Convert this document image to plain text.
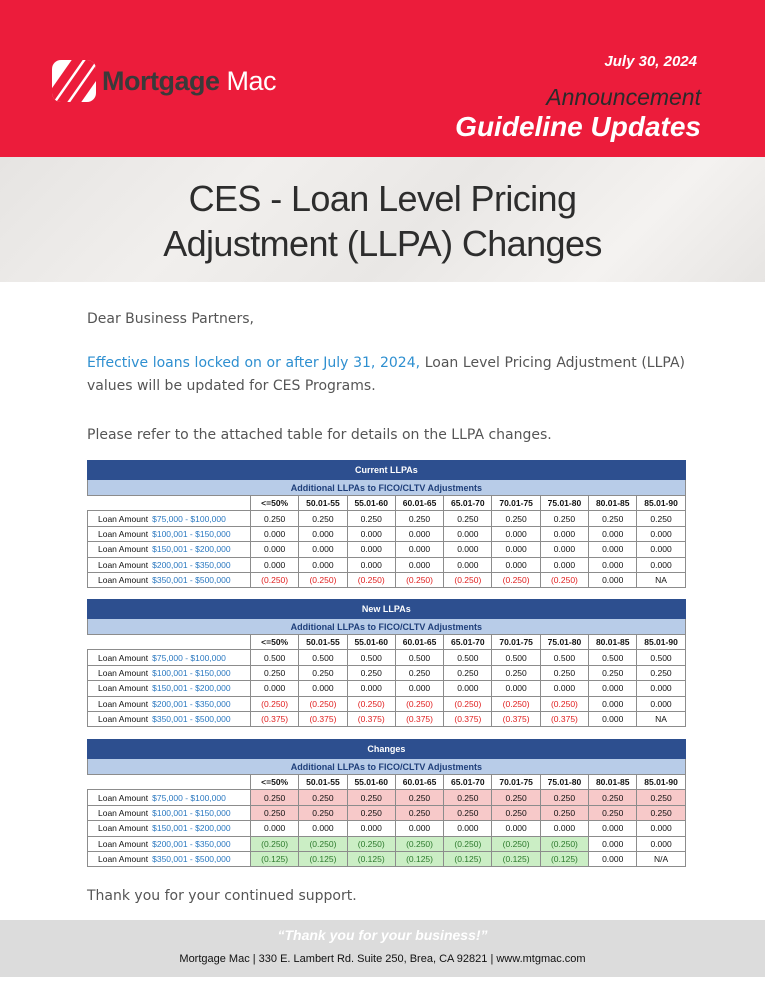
Mortgage Mac
July 30, 2024
Announcement
Guideline Updates
CES - Loan Level Pricing
Adjustment (LLPA) Changes
Dear Business Partners,
Effective loans locked on or after July 31, 2024, Loan Level Pricing Adjustment (LLPA) values will be updated for CES Programs.
Please refer to the attached table for details on the LLPA changes.
Current LLPAs									
Additional LLPAs to FICO/CLTV Adjustments									
	<=50%	50.01-55	55.01-60	60.01-65	65.01-70	70.01-75	75.01-80	80.01-85	85.01-90
Loan Amount $75,000 - $100,000	0.250	0.250	0.250	0.250	0.250	0.250	0.250	0.250	0.250
Loan Amount $100,001 - $150,000	0.000	0.000	0.000	0.000	0.000	0.000	0.000	0.000	0.000
Loan Amount $150,001 - $200,000	0.000	0.000	0.000	0.000	0.000	0.000	0.000	0.000	0.000
Loan Amount $200,001 - $350,000	0.000	0.000	0.000	0.000	0.000	0.000	0.000	0.000	0.000
Loan Amount $350,001 - $500,000	(0.250)	(0.250)	(0.250)	(0.250)	(0.250)	(0.250)	(0.250)	0.000	NA
New LLPAs									
Additional LLPAs to FICO/CLTV Adjustments									
	<=50%	50.01-55	55.01-60	60.01-65	65.01-70	70.01-75	75.01-80	80.01-85	85.01-90
Loan Amount $75,000 - $100,000	0.500	0.500	0.500	0.500	0.500	0.500	0.500	0.500	0.500
Loan Amount $100,001 - $150,000	0.250	0.250	0.250	0.250	0.250	0.250	0.250	0.250	0.250
Loan Amount $150,001 - $200,000	0.000	0.000	0.000	0.000	0.000	0.000	0.000	0.000	0.000
Loan Amount $200,001 - $350,000	(0.250)	(0.250)	(0.250)	(0.250)	(0.250)	(0.250)	(0.250)	0.000	0.000
Loan Amount $350,001 - $500,000	(0.375)	(0.375)	(0.375)	(0.375)	(0.375)	(0.375)	(0.375)	0.000	NA
Changes									
Additional LLPAs to FICO/CLTV Adjustments									
	<=50%	50.01-55	55.01-60	60.01-65	65.01-70	70.01-75	75.01-80	80.01-85	85.01-90
Loan Amount $75,000 - $100,000	0.250	0.250	0.250	0.250	0.250	0.250	0.250	0.250	0.250
Loan Amount $100,001 - $150,000	0.250	0.250	0.250	0.250	0.250	0.250	0.250	0.250	0.250
Loan Amount $150,001 - $200,000	0.000	0.000	0.000	0.000	0.000	0.000	0.000	0.000	0.000
Loan Amount $200,001 - $350,000	(0.250)	(0.250)	(0.250)	(0.250)	(0.250)	(0.250)	(0.250)	0.000	0.000
Loan Amount $350,001 - $500,000	(0.125)	(0.125)	(0.125)	(0.125)	(0.125)	(0.125)	(0.125)	0.000	N/A
Thank you for your continued support.
“Thank you for your business!”
Mortgage Mac | 330 E. Lambert Rd. Suite 250, Brea, CA 92821 | www.mtgmac.com
